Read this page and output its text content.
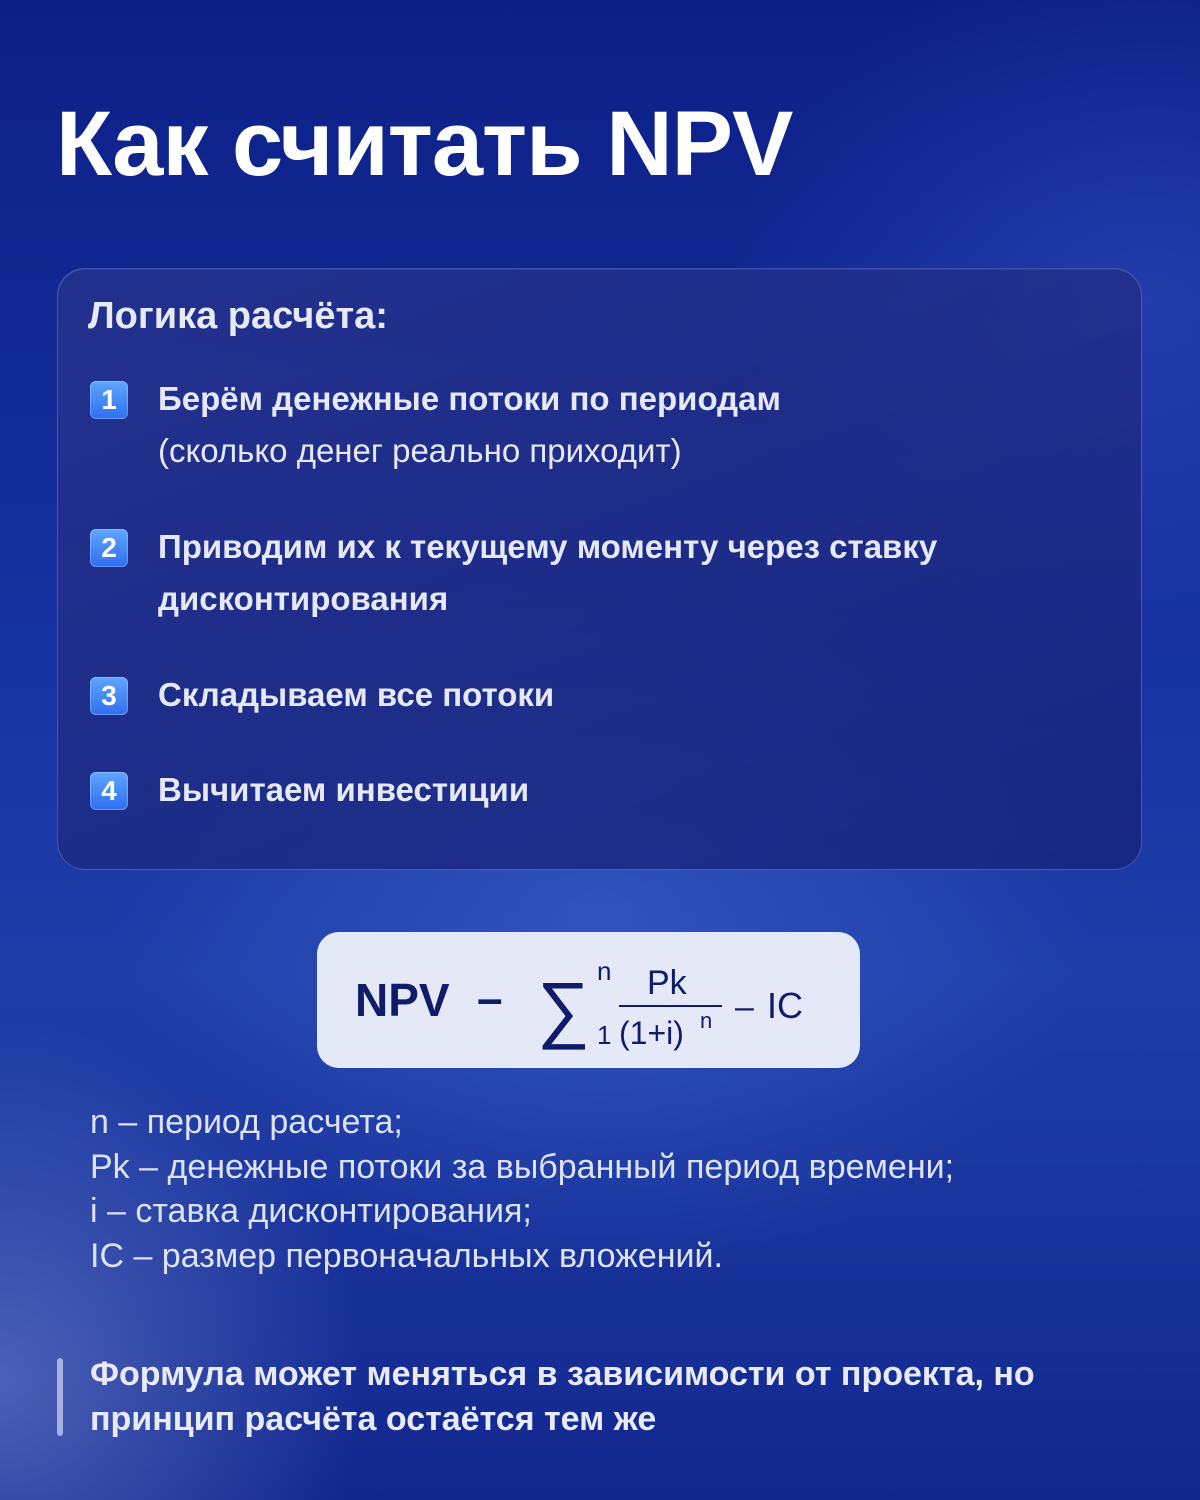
Как считать NPV
Логика расчёта:
1	Берём денежные потоки по периодам
(сколько денег реально приходит)
2	Приводим их к текущему моменту через ставку
дисконтирования
3	Складываем все потоки
4	Вычитаем инвестиции
NPV – ∑ n
1
Pk
(1+i) n – IC
n – период расчета;
Pk – денежные потоки за выбранный период времени;
i – ставка дисконтирования;
IC – размер первоначальных вложений.
Формула может меняться в зависимости от проекта, но
принцип расчёта остаётся тем же
